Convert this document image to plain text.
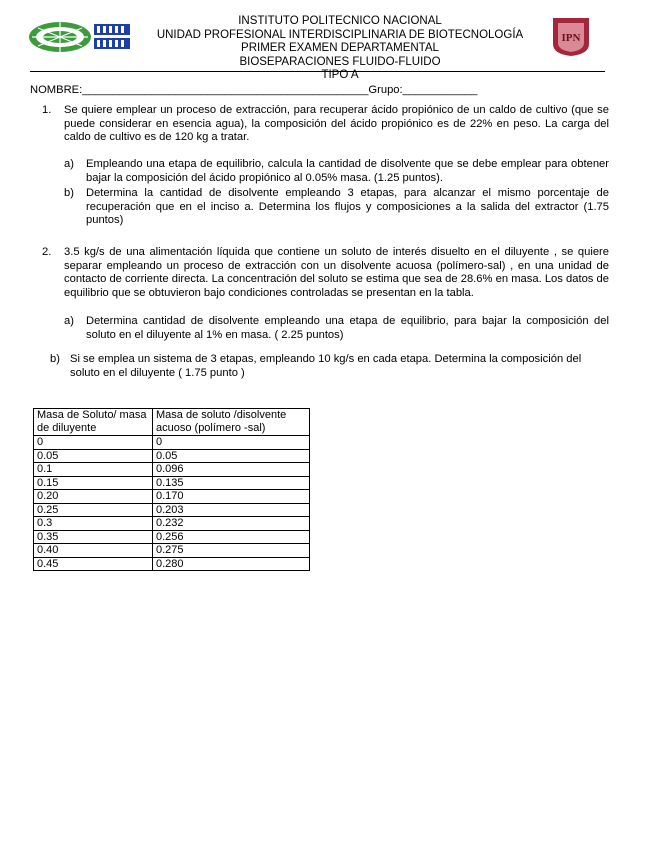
IPN
INSTITUTO POLITECNICO NACIONAL
UNIDAD PROFESIONAL INTERDISCIPLINARIA DE BIOTECNOLOGÍA
PRIMER EXAMEN DEPARTAMENTAL
BIOSEPARACIONES FLUIDO-FLUIDO
TIPO A
NOMBRE:______________________________________________Grupo:____________
1. Se quiere emplear un proceso de extracción, para recuperar ácido propiónico de un caldo de cultivo (que se puede considerar en esencia agua), la composición del ácido propiónico es de 22% en peso. La carga del caldo de cultivo es de 120 kg a tratar.
a) Empleando una etapa de equilibrio, calcula la cantidad de disolvente que se debe emplear para obtener bajar la composición del ácido propiónico al 0.05% masa. (1.25 puntos).
b) Determina la cantidad de disolvente empleando 3 etapas, para alcanzar el mismo porcentaje de recuperación que en el inciso a. Determina los flujos y composiciones a la salida del extractor (1.75 puntos)
2. 3.5 kg/s de una alimentación líquida que contiene un soluto de interés disuelto en el diluyente , se quiere separar empleando un proceso de extracción con un disolvente acuosa (polímero-sal) , en una unidad de contacto de corriente directa. La concentración del soluto se estima que sea de 28.6% en masa. Los datos de equilibrio que se obtuvieron bajo condiciones controladas se presentan en la tabla.
a) Determina cantidad de disolvente empleando una etapa de equilibrio, para bajar la composición del soluto en el diluyente al 1% en masa. ( 2.25 puntos)
b) Si se emplea un sistema de 3 etapas, empleando 10 kg/s en cada etapa. Determina la composición del soluto en el diluyente ( 1.75 punto )
Masa de Soluto/ masa de diluyente	Masa de soluto /disolvente acuoso (polímero -sal)
0	0
0.05	0.05
0.1	0.096
0.15	0.135
0.20	0.170
0.25	0.203
0.3	0.232
0.35	0.256
0.40	0.275
0.45	0.280
